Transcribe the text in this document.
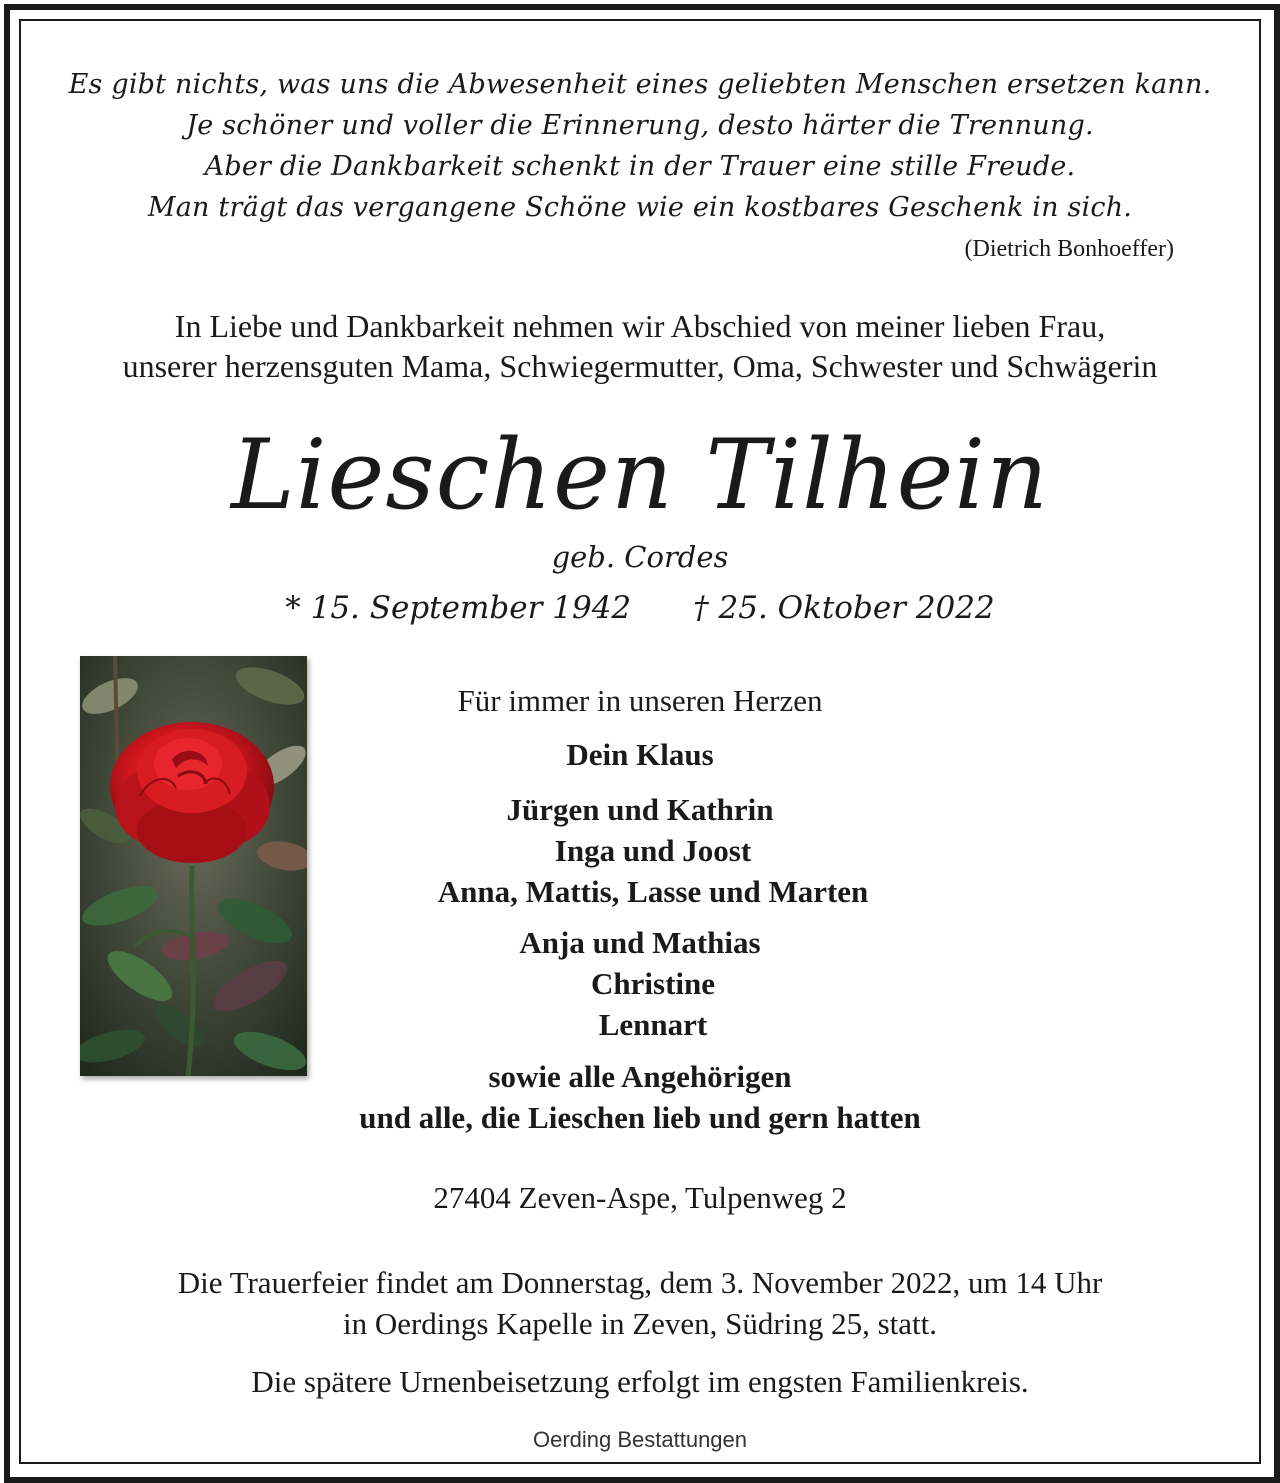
Es gibt nichts, was uns die Abwesenheit eines geliebten Menschen ersetzen kann.
Je schöner und voller die Erinnerung, desto härter die Trennung.
Aber die Dankbarkeit schenkt in der Trauer eine stille Freude.
Man trägt das vergangene Schöne wie ein kostbares Geschenk in sich.

(Dietrich Bonhoeffer)

In Liebe und Dankbarkeit nehmen wir Abschied von meiner lieben Frau,
unserer herzensguten Mama, Schwiegermutter, Oma, Schwester und Schwägerin
Lieschen Tilhein

geb. Cordes

* 15. September 1942 † 25. Oktober 2022

Für immer in unseren Herzen
Dein Klaus
Jürgen und Kathrin
Inga und Joost
Anna, Mattis, Lasse und Marten
Anja und Mathias
Christine
Lennart
sowie alle Angehörigen
und alle, die Lieschen lieb und gern hatten
27404 Zeven-Aspe, Tulpenweg 2
Die Trauerfeier findet am Donnerstag, dem 3. November 2022, um 14 Uhr
in Oerdings Kapelle in Zeven, Südring 25, statt.
Die spätere Urnenbeisetzung erfolgt im engsten Familienkreis.
Oerding Bestattungen
